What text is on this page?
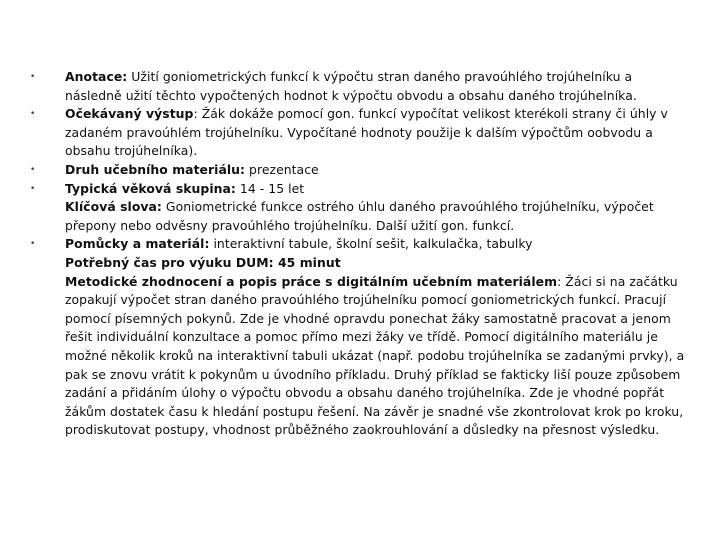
• Anotace: Užití goniometrických funkcí k výpočtu stran daného pravoúhlého trojúhelníku a následně užití těchto vypočtených hodnot k výpočtu obvodu a obsahu daného trojúhelníka.
• Očekávaný výstup: Žák dokáže pomocí gon. funkcí vypočítat velikost kterékoli strany či úhly v zadaném pravoúhlém trojúhelníku. Vypočítané hodnoty použije k dalším výpočtům oobvodu a obsahu trojúhelníka).
• Druh učebního materiálu: prezentace
• Typická věková skupina: 14 - 15 let
Klíčová slova: Goniometrické funkce ostrého úhlu daného pravoúhlého trojúhelníku, výpočet přepony nebo odvěsny pravoúhlého trojúhelníku. Další užití gon. funkcí.
• Pomůcky a materiál: interaktivní tabule, školní sešit, kalkulačka, tabulky
Potřebný čas pro výuku DUM: 45 minut
Metodické zhodnocení a popis práce s digitálním učebním materiálem: Žáci si na začátku zopakují výpočet stran daného pravoúhlého trojúhelníku pomocí goniometrických funkcí. Pracují pomocí písemných pokynů. Zde je vhodné opravdu ponechat žáky samostatně pracovat a jenom řešit individuální konzultace a pomoc přímo mezi žáky ve třídě. Pomocí digitálního materiálu je možné několik kroků na interaktivní tabuli ukázat (např. podobu trojúhelníka se zadanými prvky), a pak se znovu vrátit k pokynům u úvodního příkladu. Druhý příklad se fakticky liší pouze způsobem zadání a přidáním úlohy o výpočtu obvodu a obsahu daného trojúhelníka. Zde je vhodné popřát žákům dostatek času k hledání postupu řešení. Na závěr je snadné vše zkontrolovat krok po kroku, prodiskutovat postupy, vhodnost průběžného zaokrouhlování a důsledky na přesnost výsledku.
